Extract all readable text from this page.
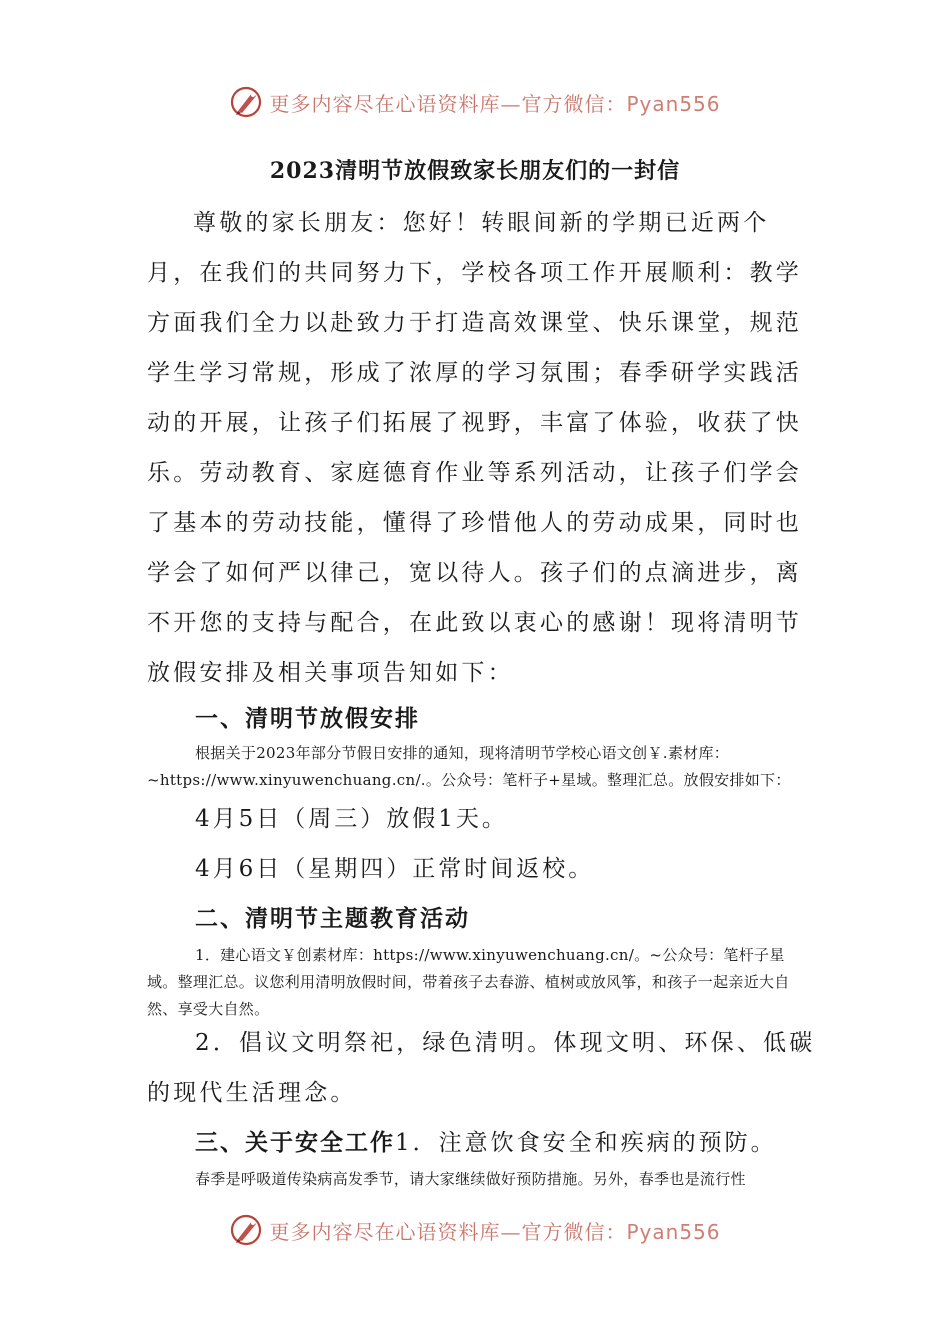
更多内容尽在心语资料库—官方微信：Pyan556
2023清明节放假致家长朋友们的一封信
尊敬的家长朋友：您好！转眼间新的学期已近两个月，在我们的共同努力下，学校各项工作开展顺利：教学方面我们全力以赴致力于打造高效课堂、快乐课堂，规范学生学习常规，形成了浓厚的学习氛围；春季研学实践活动的开展，让孩子们拓展了视野，丰富了体验，收获了快乐。劳动教育、家庭德育作业等系列活动，让孩子们学会了基本的劳动技能，懂得了珍惜他人的劳动成果，同时也学会了如何严以律己，宽以待人。孩子们的点滴进步，离不开您的支持与配合，在此致以衷心的感谢！现将清明节放假安排及相关事项告知如下：
一、清明节放假安排
根据关于2023年部分节假日安排的通知，现将清明节学校心语文创￥.素材库：~https://www.xinyuwenchuang.cn/.。公众号：笔杆子+星域。整理汇总。放假安排如下：
4月5日（周三）放假1天。
4月6日（星期四）正常时间返校。
二、清明节主题教育活动
1．建心语文￥创素材库：https://www.xinyuwenchuang.cn/。~公众号：笔杆子星域。整理汇总。议您利用清明放假时间，带着孩子去春游、植树或放风筝，和孩子一起亲近大自然、享受大自然。
2．倡议文明祭祀，绿色清明。体现文明、环保、低碳的现代生活理念。
三、关于安全工作1．注意饮食安全和疾病的预防。
春季是呼吸道传染病高发季节，请大家继续做好预防措施。另外，春季也是流行性
更多内容尽在心语资料库—官方微信：Pyan556
